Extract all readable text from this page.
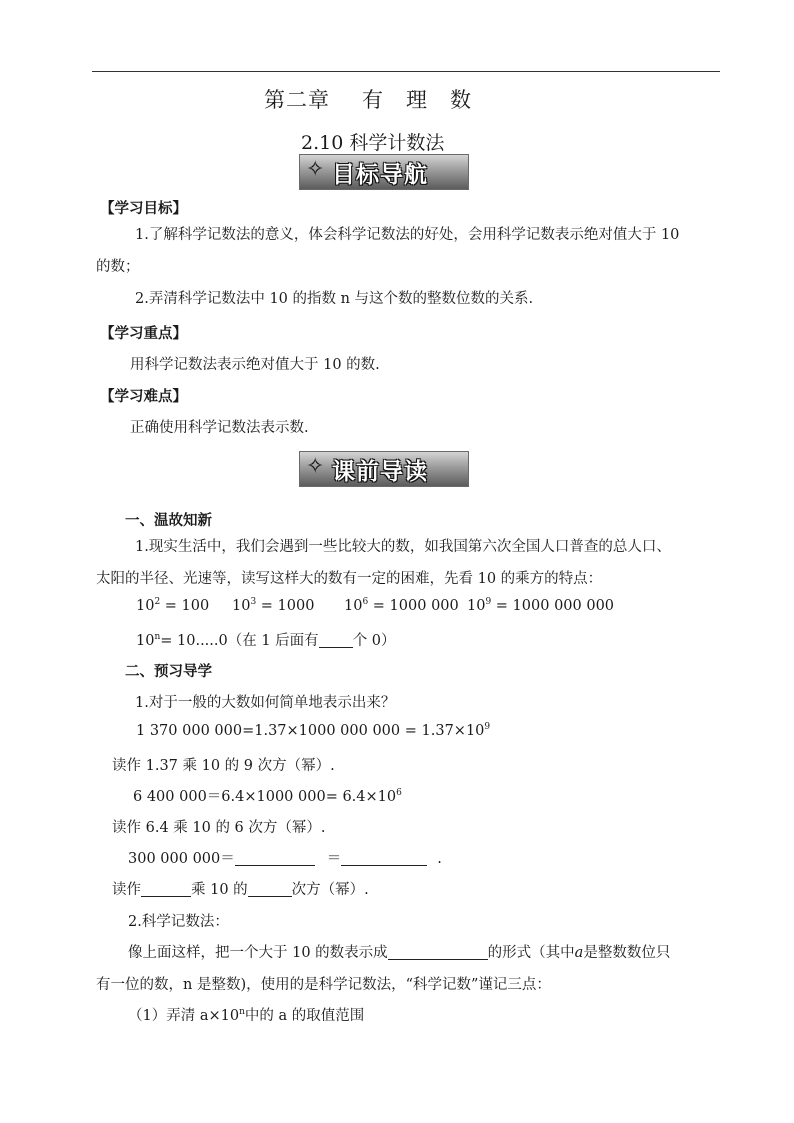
第二章 有 理 数
2.10 科学计数法
✧ 目标导航
【学习目标】
1.了解科学记数法的意义，体会科学记数法的好处，会用科学记数表示绝对值大于 10
的数；
2.弄清科学记数法中 10 的指数 n 与这个数的整数位数的关系.
【学习重点】
用科学记数法表示绝对值大于 10 的数.
【学习难点】
正确使用科学记数法表示数.
✧ 课前导读
一、温故知新
1.现实生活中，我们会遇到一些比较大的数，如我国第六次全国人口普查的总人口、
太阳的半径、光速等，读写这样大的数有一定的困难，先看 10 的乘方的特点：
$10^2 = 100$ $10^3 = 1000$ $10^6 = 1000$ 000 $10^9 = 1000$ 000 000
$10^n= 10.....0$（在 1 后面有 个 0）
二、预习导学
1.对于一般的大数如何简单地表示出来？
1 370 000 000=1.37×1000 000 $000 = 1.37\times 10^9$
读作 1.37 乘 10 的 9 次方（幂）.
6 400 000＝6.4×1000 $000= 6.4\times 10^6$
读作 6.4 乘 10 的 6 次方（幂）.
300 000 000＝	＝	.
读作	乘 10 的	次方（幂）.
2.科学记数法：
像上面这样，把一个大于 10 的数表示成	的形式（其中a是整数数位只
有一位的数，n 是整数)，使用的是科学记数法，“科学记数”谨记三点：
（1）弄清 $a\times 10^n$中的 a 的取值范围
